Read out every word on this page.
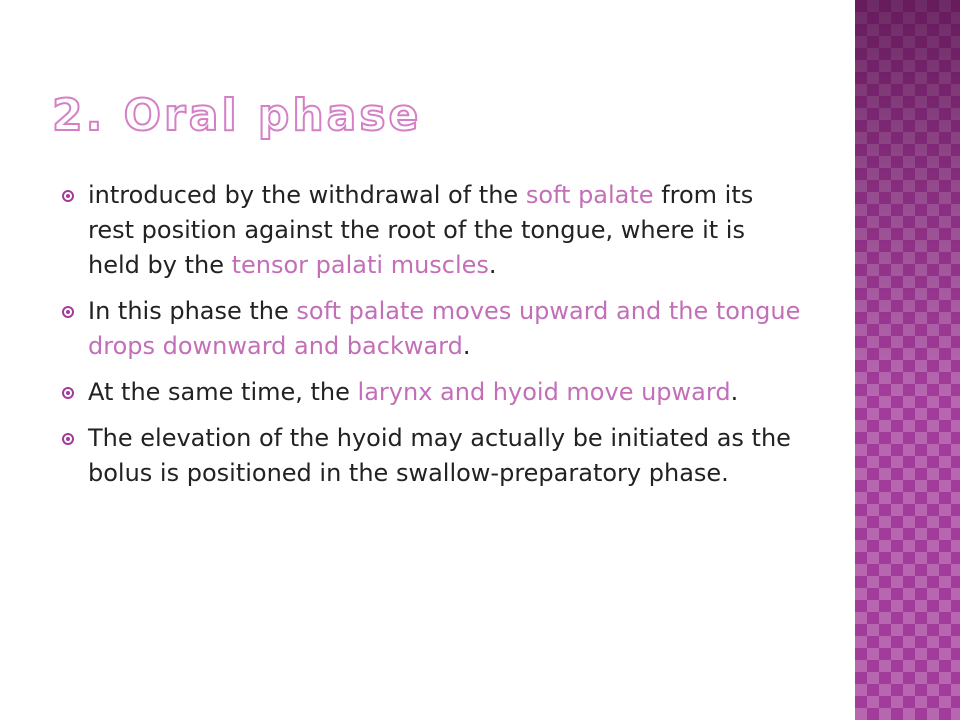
2. Oral phase
introduced by the withdrawal of the soft palate from its rest position against the root of the tongue, where it is held by the tensor palati muscles.
In this phase the soft palate moves upward and the tongue drops downward and backward.
At the same time, the larynx and hyoid move upward.
The elevation of the hyoid may actually be initiated as the bolus is positioned in the swallow-preparatory phase.
